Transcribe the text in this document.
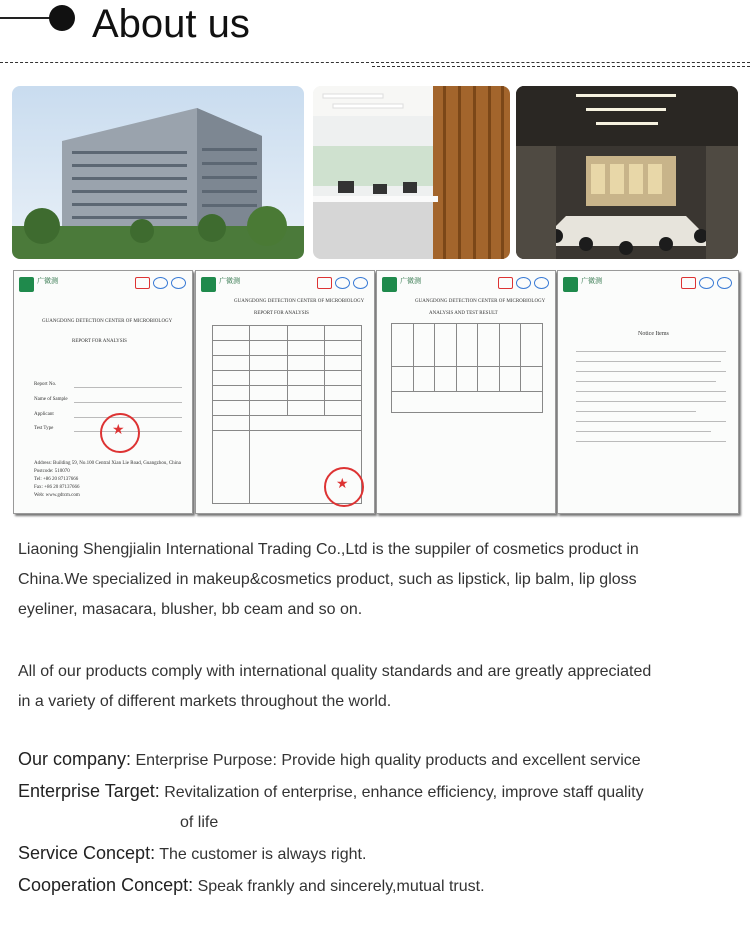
About us
广微测
GUANGDONG DETECTION CENTER OF MICROBIOLOGY
REPORT FOR ANALYSIS
Report No.
Name of Sample
Applicant
Test Type
★
Address: Building 59, No.100 Central Xian Lie Road, Guangzhou, China
Postcode: 510070
Tel: +86 20 87137666
Fax: +86 20 87137666
Web: www.gdtcm.com
广微测
GUANGDONG DETECTION CENTER OF MICROBIOLOGY
REPORT FOR ANALYSIS

★
广微测
GUANGDONG DETECTION CENTER OF MICROBIOLOGY
ANALYSIS AND TEST RESULT

广微测
Notice Items
Liaoning Shengjialin International Trading Co.,Ltd is the suppiler of cosmetics product in
China.We specialized in makeup&cosmetics product, such as lipstick, lip balm, lip gloss
eyeliner, masacara, blusher, bb ceam and so on.
All of our products comply with international quality standards and are greatly appreciated
in a variety of different markets throughout the world.
Our company: Enterprise Purpose: Provide high quality products and excellent service
Enterprise Target: Revitalization of enterprise, enhance efficiency, improve staff quality
of life
Service Concept: The customer is always right.
Cooperation Concept: Speak frankly and sincerely,mutual trust.
